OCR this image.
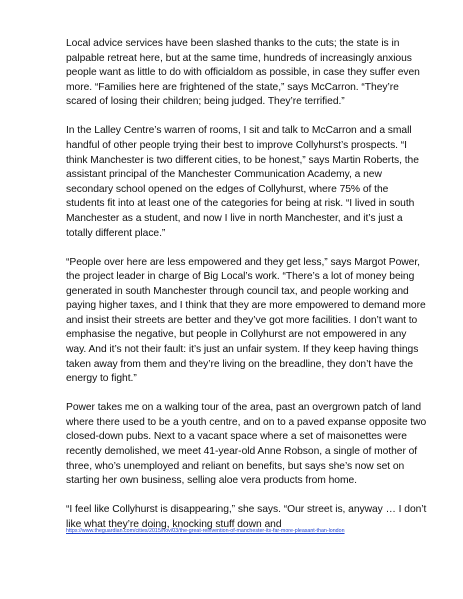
Local advice services have been slashed thanks to the cuts; the state is in palpable retreat here, but at the same time, hundreds of increasingly anxious people want as little to do with officialdom as possible, in case they suffer even more. “Families here are frightened of the state,” says McCarron. “They’re scared of losing their children; being judged. They’re terrified.”

In the Lalley Centre’s warren of rooms, I sit and talk to McCarron and a small handful of other people trying their best to improve Collyhurst’s prospects. “I think Manchester is two different cities, to be honest,” says Martin Roberts, the assistant principal of the Manchester Communication Academy, a new secondary school opened on the edges of Collyhurst, where 75% of the students fit into at least one of the categories for being at risk. “I lived in south Manchester as a student, and now I live in north Manchester, and it’s just a totally different place.”

“People over here are less empowered and they get less,” says Margot Power, the project leader in charge of Big Local’s work. “There’s a lot of money being generated in south Manchester through council tax, and people working and paying higher taxes, and I think that they are more empowered to demand more and insist their streets are better and they’ve got more facilities. I don’t want to emphasise the negative, but people in Collyhurst are not empowered in any way. And it’s not their fault: it’s just an unfair system. If they keep having things taken away from them and they’re living on the breadline, they don’t have the energy to fight.”

Power takes me on a walking tour of the area, past an overgrown patch of land where there used to be a youth centre, and on to a paved expanse opposite two closed-down pubs. Next to a vacant space where a set of maisonettes were recently demolished, we meet 41-year-old Anne Robson, a single of mother of three, who’s unemployed and reliant on benefits, but says she’s now set on starting her own business, selling aloe vera products from home.

“I feel like Collyhurst is disappearing,” she says. “Our street is, anyway … I don’t like what they’re doing, knocking stuff down and

https://www.theguardian.com/cities/2015/nov/03/the-great-reinvention-of-manchester-its-far-more-pleasant-than-london
